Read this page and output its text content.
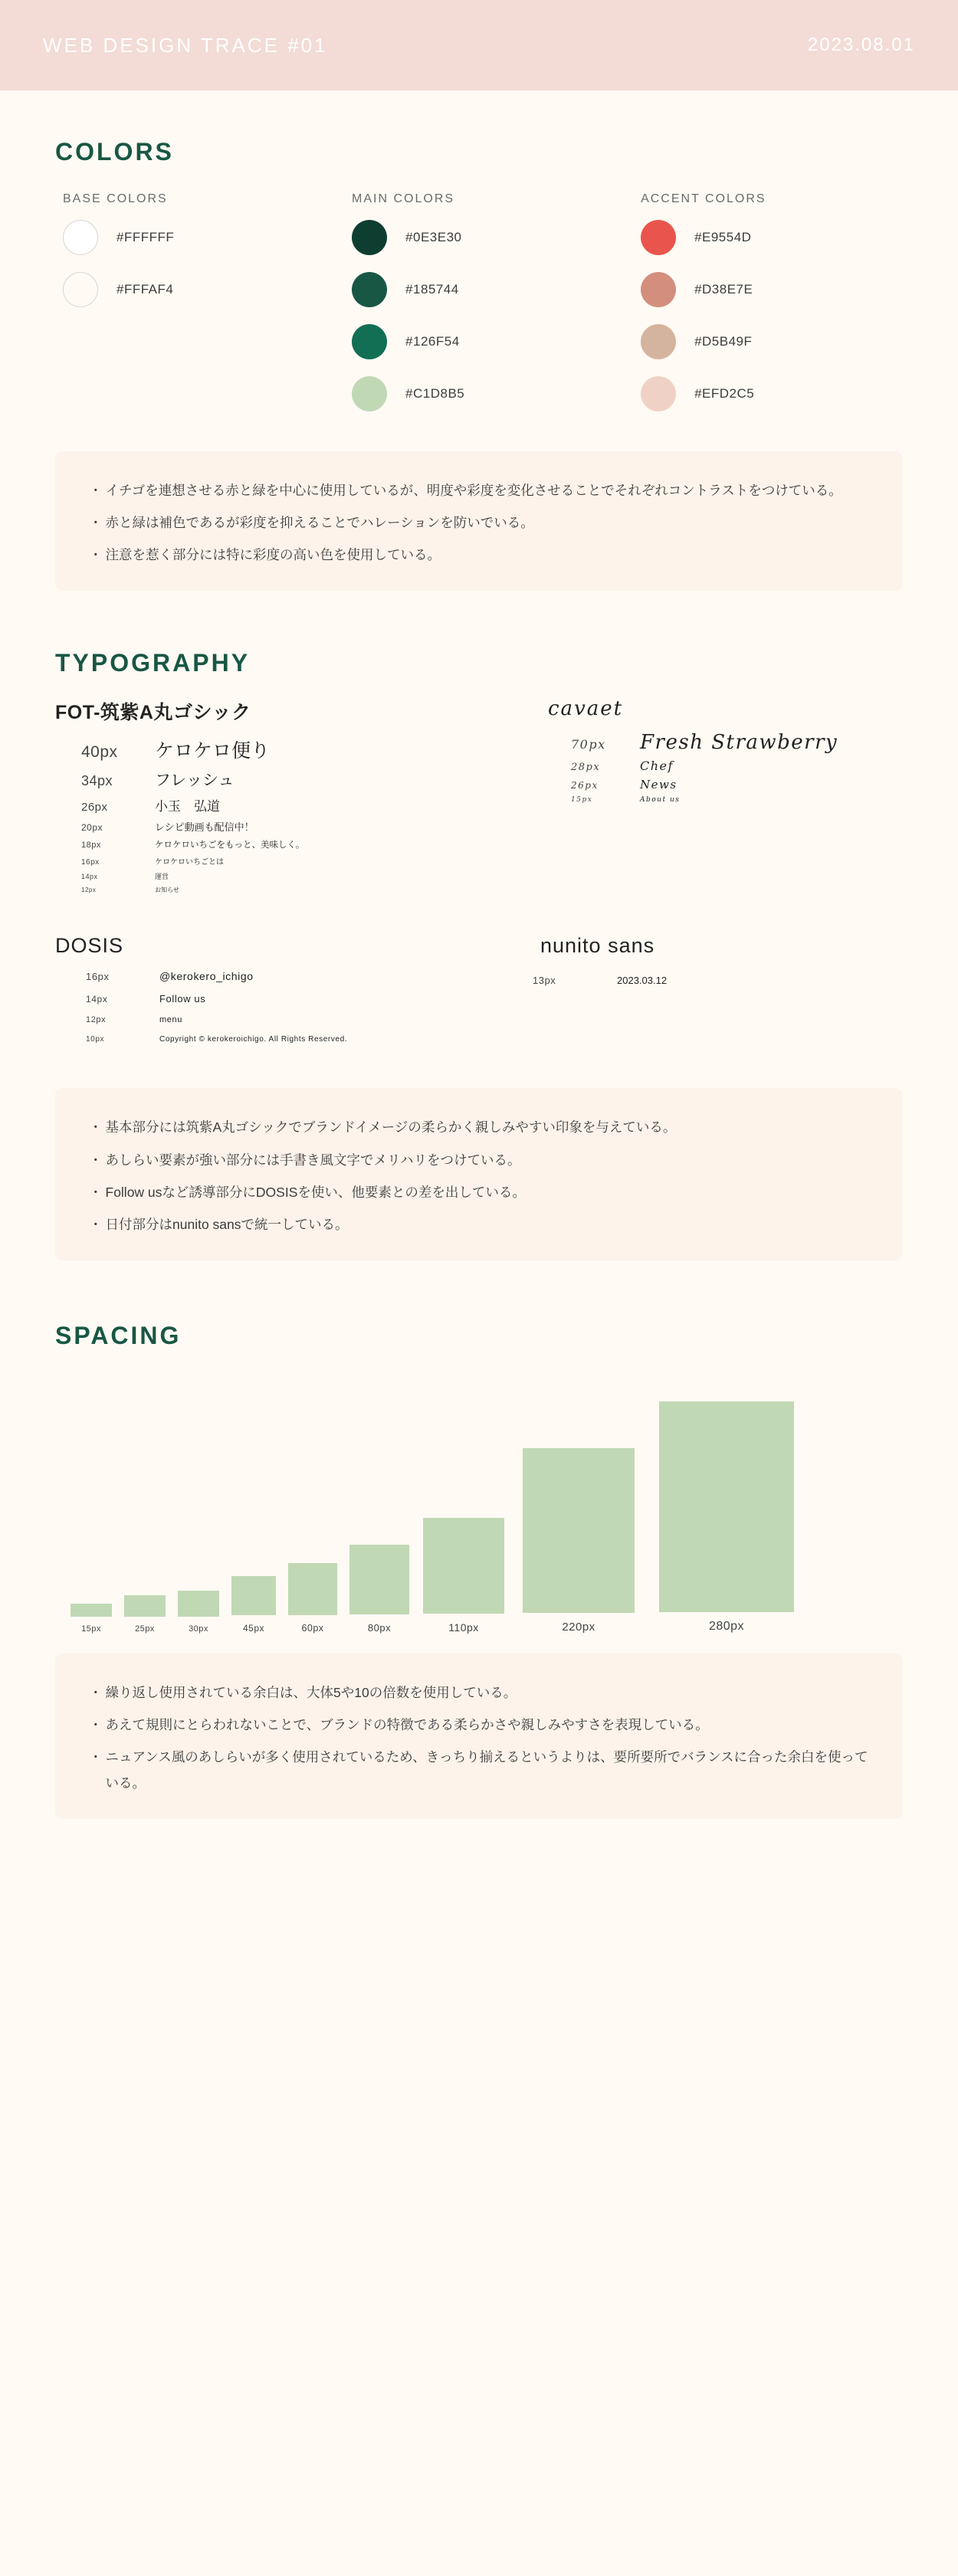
WEB DESIGN TRACE #01	2023.08.01
COLORS
BASE COLORS
#FFFFFF
#FFFAF4
MAIN COLORS
#0E3E30
#185744
#126F54
#C1D8B5
ACCENT COLORS
#E9554D
#D38E7E
#D5B49F
#EFD2C5
・ イチゴを連想させる赤と緑を中心に使用しているが、明度や彩度を変化させることでそれぞれコントラストをつけている。
・ 赤と緑は補色であるが彩度を抑えることでハレーションを防いでいる。
・ 注意を惹く部分には特に彩度の高い色を使用している。
TYPOGRAPHY
FOT-筑紫A丸ゴシック
40px	ケロケロ便り
34px	フレッシュ
26px	小玉　弘道
20px	レシピ動画も配信中！
18px	ケロケロいちごをもっと、美味しく。
16px	ケロケロいちごとは
14px	運営
12px	お知らせ
cavaet
70px	Fresh Strawberry
28px	Chef
26px	News
15px	About us
DOSIS
16px	@kerokero_ichigo
14px	Follow us
12px	menu
10px	Copyright © kerokeroichigo. All Rights Reserved.
nunito sans
13px	2023.03.12
・ 基本部分には筑紫A丸ゴシックでブランドイメージの柔らかく親しみやすい印象を与えている。
・ あしらい要素が強い部分には手書き風文字でメリハリをつけている。
・ Follow usなど誘導部分にDOSISを使い、他要素との差を出している。
・ 日付部分はnunito sansで統一している。
SPACING
15px	25px	30px	45px	60px	80px	110px	220px	280px
・ 繰り返し使用されている余白は、大体5や10の倍数を使用している。
・ あえて規則にとらわれないことで、ブランドの特徴である柔らかさや親しみやすさを表現している。
・ ニュアンス風のあしらいが多く使用されているため、きっちり揃えるというよりは、要所要所でバランスに合った余白を使っている。
